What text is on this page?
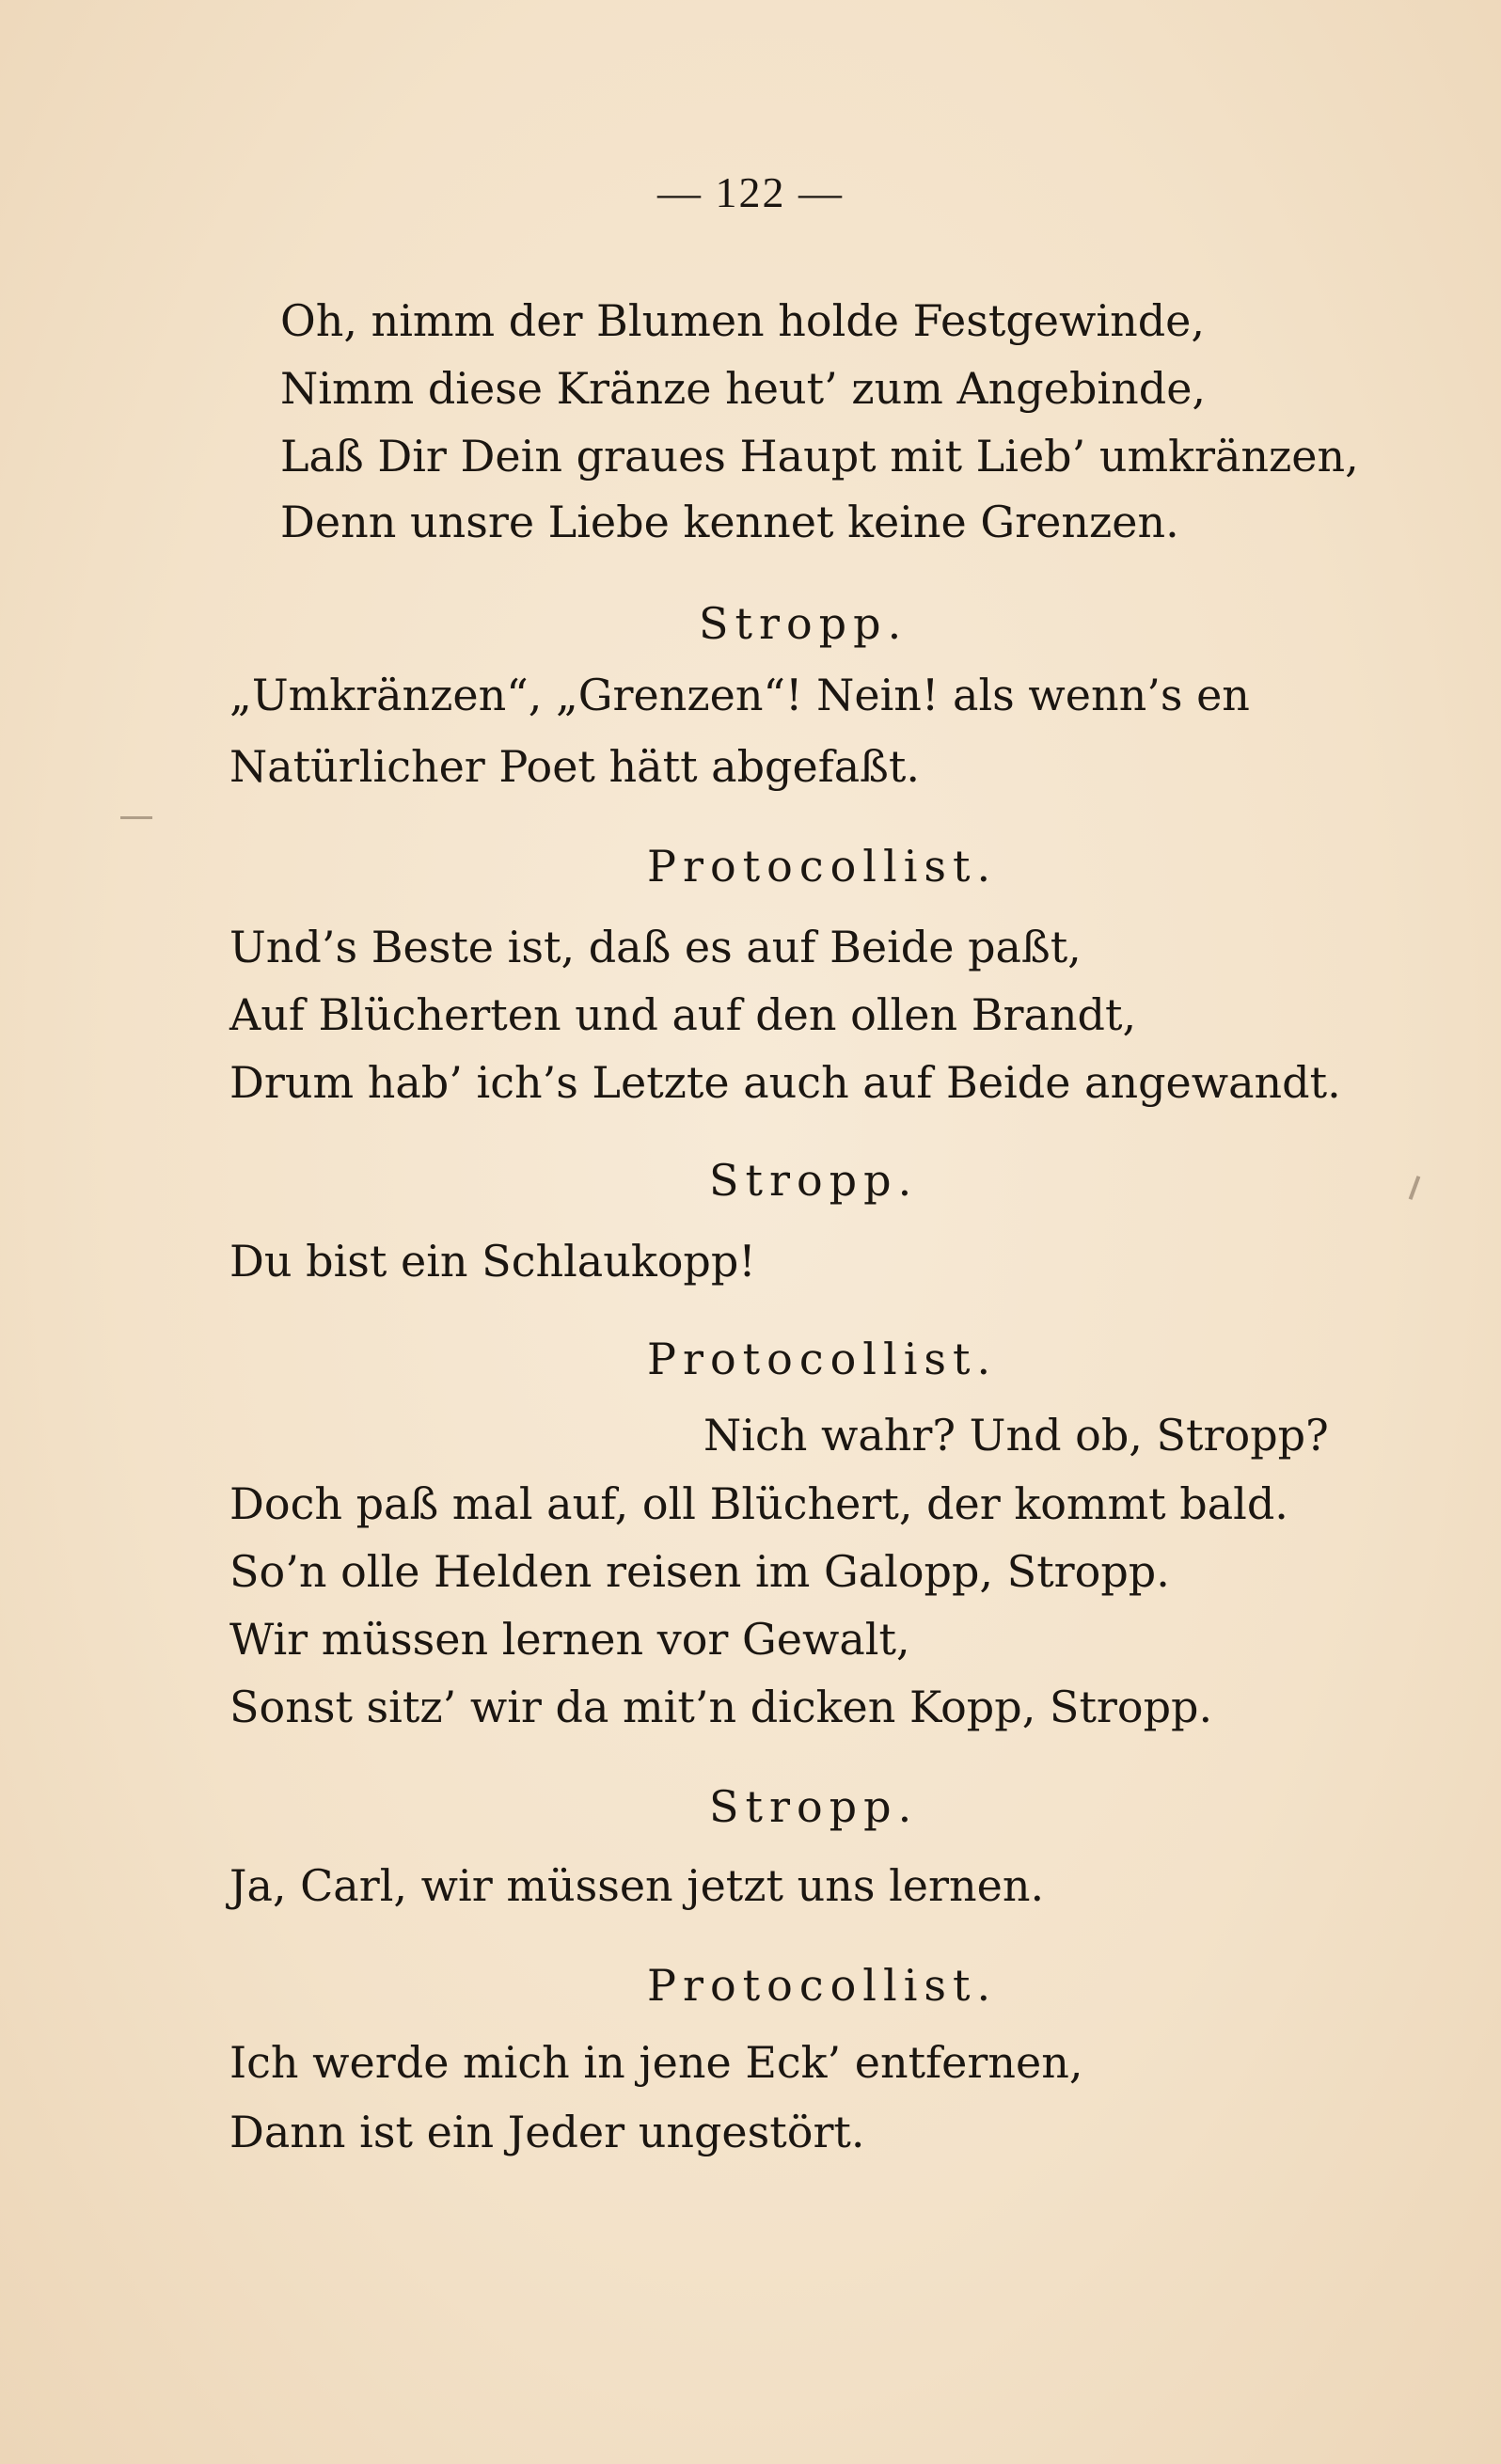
— 122 —
Oh, nimm der Blumen holde Festgewinde,
Nimm diese Kränze heut’ zum Angebinde,
Laß Dir Dein graues Haupt mit Lieb’ umkränzen,
Denn unsre Liebe kennet keine Grenzen.
Stropp.
„Umkränzen“, „Grenzen“! Nein! als wenn’s en
Natürlicher Poet hätt abgefaßt.
Protocollist.
Und’s Beste ist, daß es auf Beide paßt,
Auf Blücherten und auf den ollen Brandt,
Drum hab’ ich’s Letzte auch auf Beide angewandt.
Stropp.
Du bist ein Schlaukopp!
Protocollist.
Nich wahr? Und ob, Stropp?
Doch paß mal auf, oll Blüchert, der kommt bald.
So’n olle Helden reisen im Galopp, Stropp.
Wir müssen lernen vor Gewalt,
Sonst sitz’ wir da mit’n dicken Kopp, Stropp.
Stropp.
Ja, Carl, wir müssen jetzt uns lernen.
Protocollist.
Ich werde mich in jene Eck’ entfernen,
Dann ist ein Jeder ungestört.
